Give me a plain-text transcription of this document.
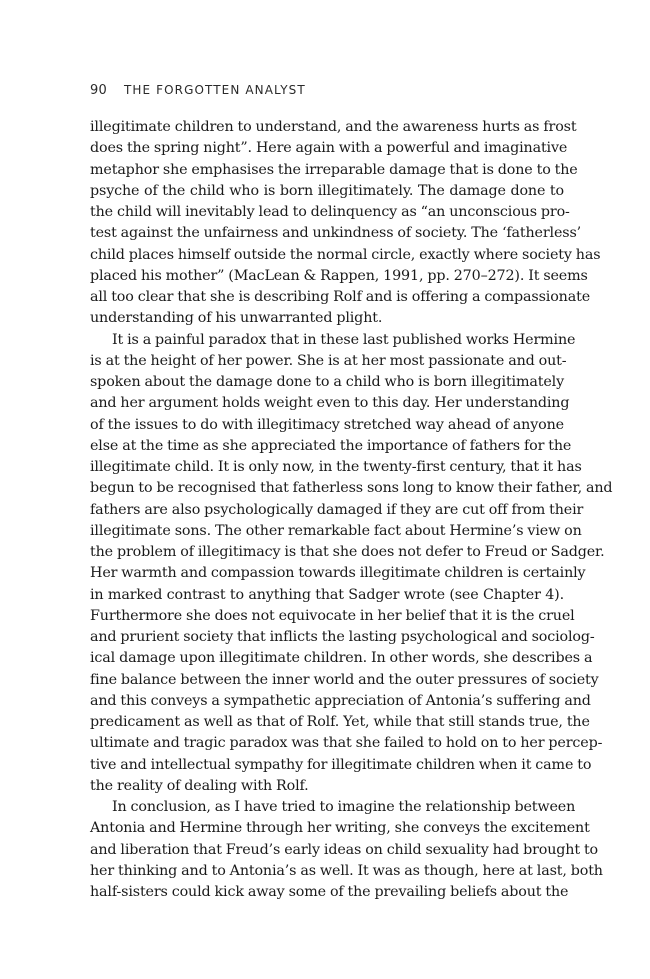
90 THE FORGOTTEN ANALYST
illegitimate children to understand, and the awareness hurts as frost
does the spring night”. Here again with a powerful and imaginative
metaphor she emphasises the irreparable damage that is done to the
psyche of the child who is born illegitimately. The damage done to
the child will inevitably lead to delinquency as “an unconscious pro-
test against the unfairness and unkindness of society. The ‘fatherless’
child places himself outside the normal circle, exactly where society has
placed his mother” (MacLean & Rappen, 1991, pp. 270–272). It seems
all too clear that she is describing Rolf and is offering a compassionate
understanding of his unwarranted plight.
It is a painful paradox that in these last published works Hermine
is at the height of her power. She is at her most passionate and out-
spoken about the damage done to a child who is born illegitimately
and her argument holds weight even to this day. Her understanding
of the issues to do with illegitimacy stretched way ahead of anyone
else at the time as she appreciated the importance of fathers for the
illegitimate child. It is only now, in the twenty-first century, that it has
begun to be recognised that fatherless sons long to know their father, and
fathers are also psychologically damaged if they are cut off from their
illegitimate sons. The other remarkable fact about Hermine’s view on
the problem of illegitimacy is that she does not defer to Freud or Sadger.
Her warmth and compassion towards illegitimate children is certainly
in marked contrast to anything that Sadger wrote (see Chapter 4).
Furthermore she does not equivocate in her belief that it is the cruel
and prurient society that inflicts the lasting psychological and sociolog-
ical damage upon illegitimate children. In other words, she describes a
fine balance between the inner world and the outer pressures of society
and this conveys a sympathetic appreciation of Antonia’s suffering and
predicament as well as that of Rolf. Yet, while that still stands true, the
ultimate and tragic paradox was that she failed to hold on to her percep-
tive and intellectual sympathy for illegitimate children when it came to
the reality of dealing with Rolf.
In conclusion, as I have tried to imagine the relationship between
Antonia and Hermine through her writing, she conveys the excitement
and liberation that Freud’s early ideas on child sexuality had brought to
her thinking and to Antonia’s as well. It was as though, here at last, both
half-sisters could kick away some of the prevailing beliefs about the
